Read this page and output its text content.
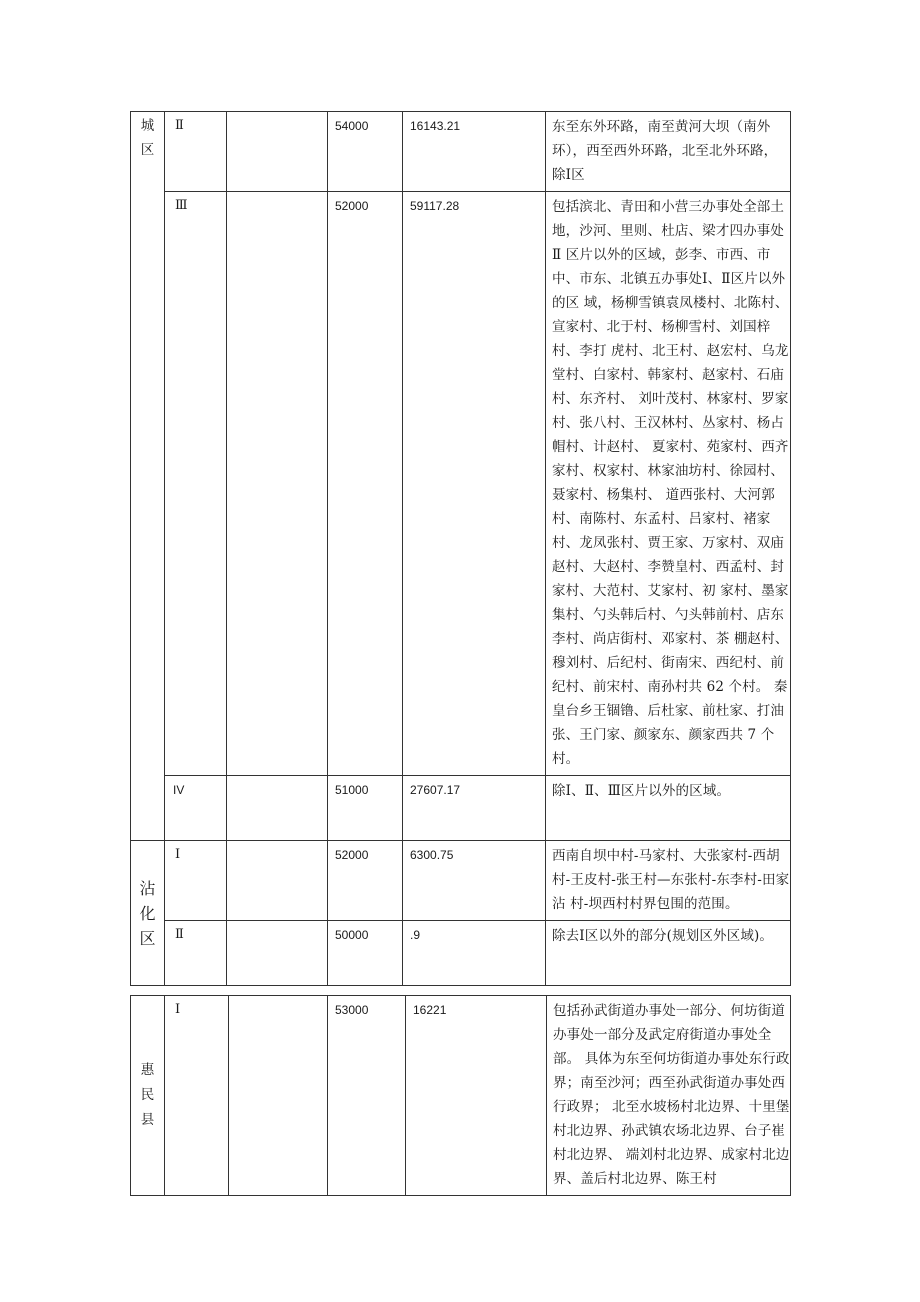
城区	Ⅱ		54000	16143.21	东至东外环路，南至黄河大坝（南外环），西至西外环路，北至北外环路，除Ⅰ区
	Ⅲ		52000	59117.28	包括滨北、青田和小营三办事处全部土地，沙河、里则、杜店、梁才四办事处Ⅱ 区片以外的区域，彭李、市西、市中、市东、北镇五办事处Ⅰ、Ⅱ区片以外的区 域，杨柳雪镇袁凤楼村、北陈村、宣家村、北于村、杨柳雪村、刘国梓村、李打 虎村、北王村、赵宏村、乌龙堂村、白家村、韩家村、赵家村、石庙村、东齐村、 刘叶茂村、林家村、罗家村、张八村、王汉林村、丛家村、杨占帽村、计赵村、 夏家村、苑家村、西齐家村、权家村、林家油坊村、徐园村、聂家村、杨集村、 道西张村、大河郭村、南陈村、东孟村、吕家村、褚家村、龙凤张村、贾王家、万家村、双庙赵村、大赵村、李赞皇村、西孟村、封家村、大范村、艾家村、初 家村、墨家集村、勺头韩后村、勺头韩前村、店东李村、尚店街村、邓家村、茶 棚赵村、穆刘村、后纪村、街南宋、西纪村、前纪村、前宋村、南孙村共 62 个村。 秦皇台乡王锢镥、后杜家、前杜家、打油张、王门家、颜家东、颜家西共 7 个村。
	IV		51000	27607.17	除Ⅰ、Ⅱ、Ⅲ区片以外的区域。
沾化区	Ⅰ		52000	6300.75	西南自坝中村-马家村、大张家村-西胡村-王皮村-张王村—东张村-东李村-田家 沾 村-坝西村村界包围的范围。
	Ⅱ		50000	.9	除去Ⅰ区以外的部分(规划区外区域)。
惠民县	Ⅰ		53000	16221	包括孙武街道办事处一部分、何坊街道办事处一部分及武定府街道办事处全部。 具体为东至何坊街道办事处东行政界；南至沙河；西至孙武街道办事处西行政界； 北至水坡杨村北边界、十里堡村北边界、孙武镇农场北边界、台子崔村北边界、 端刘村北边界、成家村北边界、盖后村北边界、陈王村
